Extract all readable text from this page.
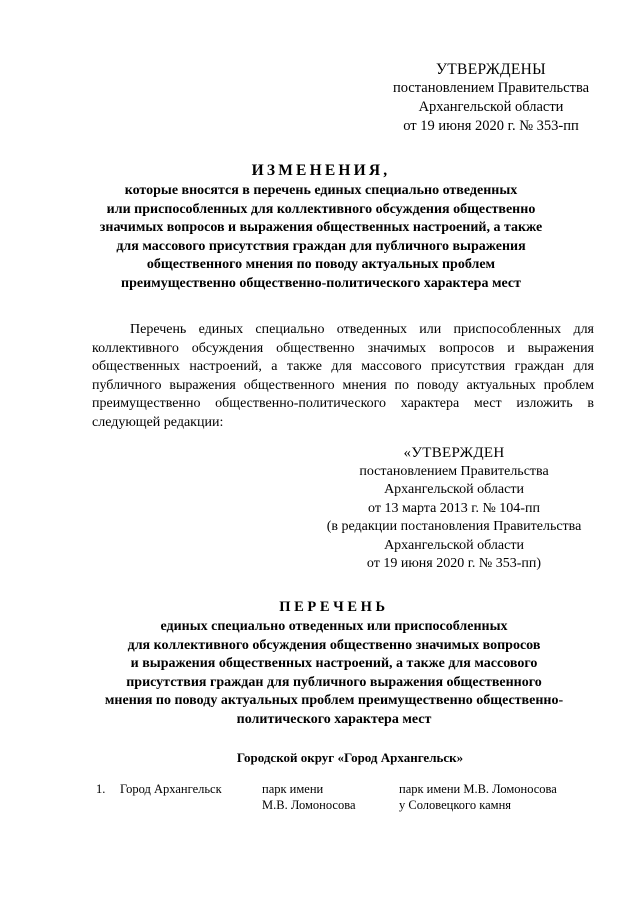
УТВЕРЖДЕНЫ
постановлением Правительства
Архангельской области
от 19 июня 2020 г. № 353-пп
ИЗМЕНЕНИЯ,
которые вносятся в перечень единых специально отведенных
или приспособленных для коллективного обсуждения общественно
значимых вопросов и выражения общественных настроений, а также
для массового присутствия граждан для публичного выражения
общественного мнения по поводу актуальных проблем
преимущественно общественно-политического характера мест

Перечень единых специально отведенных или приспособленных для коллективного обсуждения общественно значимых вопросов и выражения общественных настроений, а также для массового присутствия граждан для публичного выражения общественного мнения по поводу актуальных проблем преимущественно общественно-политического характера мест изложить в следующей редакции:

«УТВЕРЖДЕН
постановлением Правительства
Архангельской области
от 13 марта 2013 г. № 104-пп
(в редакции постановления Правительства
Архангельской области
от 19 июня 2020 г. № 353-пп)
ПЕРЕЧЕНЬ
единых специально отведенных или приспособленных
для коллективного обсуждения общественно значимых вопросов
и выражения общественных настроений, а также для массового
присутствия граждан для публичного выражения общественного
мнения по поводу актуальных проблем преимущественно общественно-
политического характера мест
Городской округ «Город Архангельск»
1.	Город Архангельск	парк имени
М.В. Ломоносова
парк имени М.В. Ломоносова
у Соловецкого камня
